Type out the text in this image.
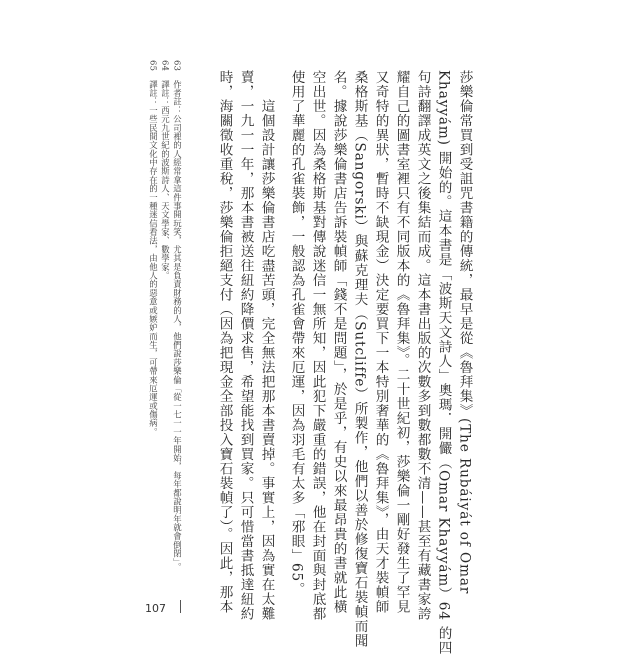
莎樂倫常買到受詛咒書籍的傳統，最早是從《魯拜集》(The Rubáiyát of Omar
Khayyám) 開始的。這本書是「波斯天文詩人」奧瑪．開儼（Omar Khayyám）64 的四
句詩翻譯成英文之後集結而成。這本書出版的次數多到數都數不清——甚至有藏書家誇
耀自己的圖書室裡只有不同版本的《魯拜集》。二十世紀初，莎樂倫一剛好發生了罕見
又奇特的異狀，暫時不缺現金）決定要買下一本特別奢華的《魯拜集》，由天才裝幀師
桑格斯基（Sangorski）與蘇克理夫（Sutcliffe）所製作，他們以善於修復寶石裝幀而聞
名。據說莎樂倫書店告訴裝幀師「錢不是問題」，於是乎，有史以來最昂貴的書就此橫
空出世。因為桑格斯基對傳說迷信一無所知，因此犯下嚴重的錯誤，他在封面與封底都
使用了華麗的孔雀裝飾，一般認為孔雀會帶來厄運，因為羽毛有太多「邪眼」65。
　　這個設計讓莎樂倫書店吃盡苦頭，完全無法把那本書賣掉。事實上，因為實在太難
賣，一九一一年，那本書被送往紐約降價求售，希望能找到買家。只可惜當書抵達紐約
時，海關徵收重稅，莎樂倫拒絕支付（因為把現金全部投入寶石裝幀了）。因此，那本
63　作者註：公司裡的人經常拿這件事開玩笑，尤其是負責財務的人，他們說莎樂倫「從一七一一年開始，每年都說明年就會倒閉」。
64　譯註：西元九世紀的波斯詩人、天文學家、數學家。
65　譯註：一些民間文化中存在的一種迷信看法，由他人的惡意或嫉妒而生，可帶來厄運或傷病。
107
